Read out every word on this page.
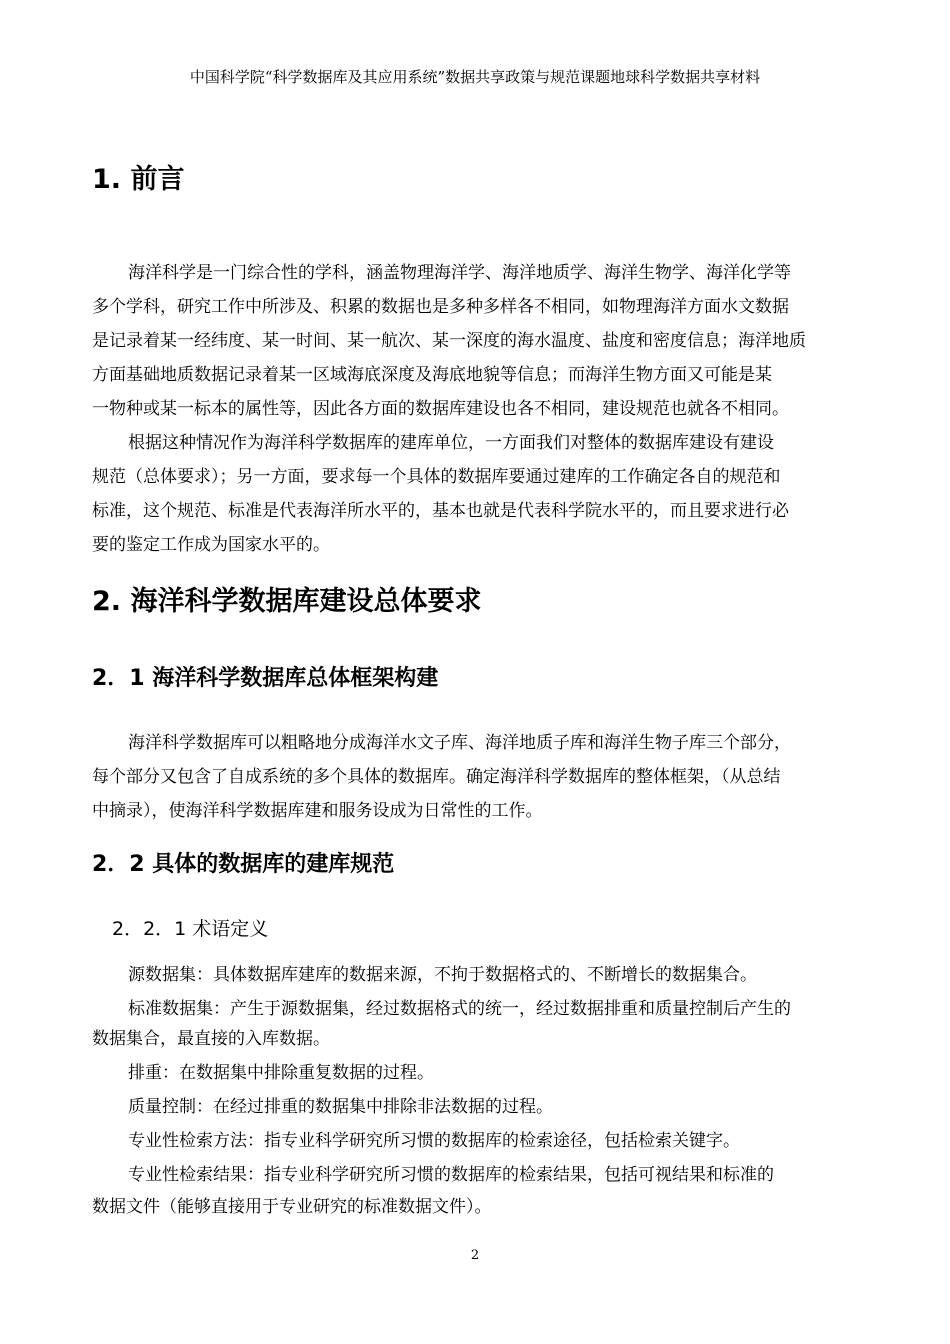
中国科学院“科学数据库及其应用系统”数据共享政策与规范课题地球科学数据共享材料
1. 前言
海洋科学是一门综合性的学科，涵盖物理海洋学、海洋地质学、海洋生物学、海洋化学等
多个学科，研究工作中所涉及、积累的数据也是多种多样各不相同，如物理海洋方面水文数据
是记录着某一经纬度、某一时间、某一航次、某一深度的海水温度、盐度和密度信息；海洋地质
方面基础地质数据记录着某一区域海底深度及海底地貌等信息；而海洋生物方面又可能是某
一物种或某一标本的属性等，因此各方面的数据库建设也各不相同，建设规范也就各不相同。
根据这种情况作为海洋科学数据库的建库单位，一方面我们对整体的数据库建设有建设
规范（总体要求）；另一方面，要求每一个具体的数据库要通过建库的工作确定各自的规范和
标准，这个规范、标准是代表海洋所水平的，基本也就是代表科学院水平的，而且要求进行必
要的鉴定工作成为国家水平的。
2. 海洋科学数据库建设总体要求
2．1 海洋科学数据库总体框架构建
海洋科学数据库可以粗略地分成海洋水文子库、海洋地质子库和海洋生物子库三个部分，
每个部分又包含了自成系统的多个具体的数据库。确定海洋科学数据库的整体框架，（从总结
中摘录），使海洋科学数据库建和服务设成为日常性的工作。
2．2 具体的数据库的建库规范
2．2．1 术语定义
源数据集：具体数据库建库的数据来源，不拘于数据格式的、不断增长的数据集合。
标准数据集：产生于源数据集，经过数据格式的统一，经过数据排重和质量控制后产生的
数据集合，最直接的入库数据。
排重：在数据集中排除重复数据的过程。
质量控制：在经过排重的数据集中排除非法数据的过程。
专业性检索方法：指专业科学研究所习惯的数据库的检索途径，包括检索关键字。
专业性检索结果：指专业科学研究所习惯的数据库的检索结果，包括可视结果和标准的
数据文件（能够直接用于专业研究的标准数据文件）。
2
